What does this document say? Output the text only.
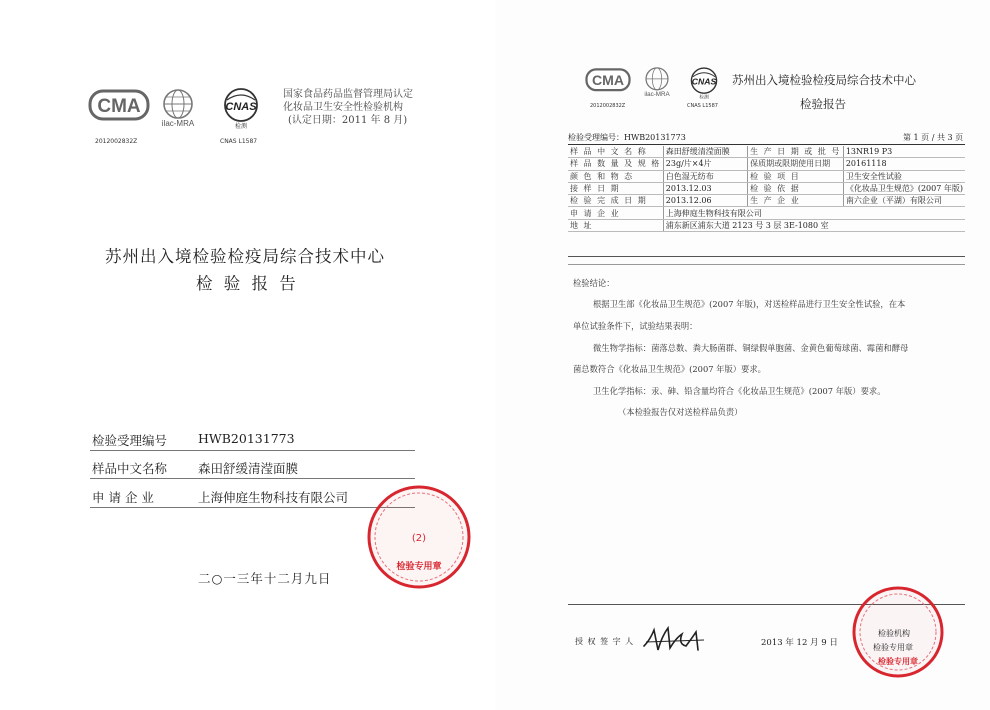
CMA
2012002832Z
ilac-MRA
CNAS
检测
CNAS L1587
国家食品药品监督管理局认定
化妆品卫生安全性检验机构
(认定日期：2011 年 8 月)
苏州出入境检验检疫局综合技术中心
检 验 报 告
检验受理编号 HWB20131773
样品中文名称 森田舒缓清滢面膜
申 请 企 业	上海伸庭生物科技有限公司
二○一三年十二月九日
(2)
检验专用章
CMA
2012002832Z
ilac-MRA
CNAS
检测
CNAS L1587
苏州出入境检验检疫局综合技术中心
检验报告
检验受理编号：HWB20131773	第 1 页 / 共 3 页
样 品 中 文 名 称	森田舒缓清滢面膜	生 产 日 期 或 批 号	13NR19 P3
样 品 数 量 及 规 格	23g/片×4片	保质期或限期使用日期	20161118
颜 色 和 物 态	白色湿无纺布	检 验 项 目	卫生安全性试验
接 样 日 期	2013.12.03	检 验 依 据	《化妆品卫生规范》(2007 年版)
检 验 完 成 日 期	2013.12.06	生 产 企 业	南六企业（平湖）有限公司
申 请 企 业	上海伸庭生物科技有限公司		
地 址	浦东新区浦东大道 2123 号 3 层 3E-1080 室		
检验结论：
根据卫生部《化妆品卫生规范》(2007 年版)，对送检样品进行卫生安全性试验，在本
单位试验条件下，试验结果表明：
微生物学指标：菌落总数、粪大肠菌群、铜绿假单胞菌、金黄色葡萄球菌、霉菌和酵母
菌总数符合《化妆品卫生规范》(2007 年版）要求。
卫生化学指标：汞、砷、铅含量均符合《化妆品卫生规范》(2007 年版）要求。
（本检验报告仅对送检样品负责）
授 权 签 字 人	2013 年 12 月 9 日
检验专用章
检验机构
检验专用章
